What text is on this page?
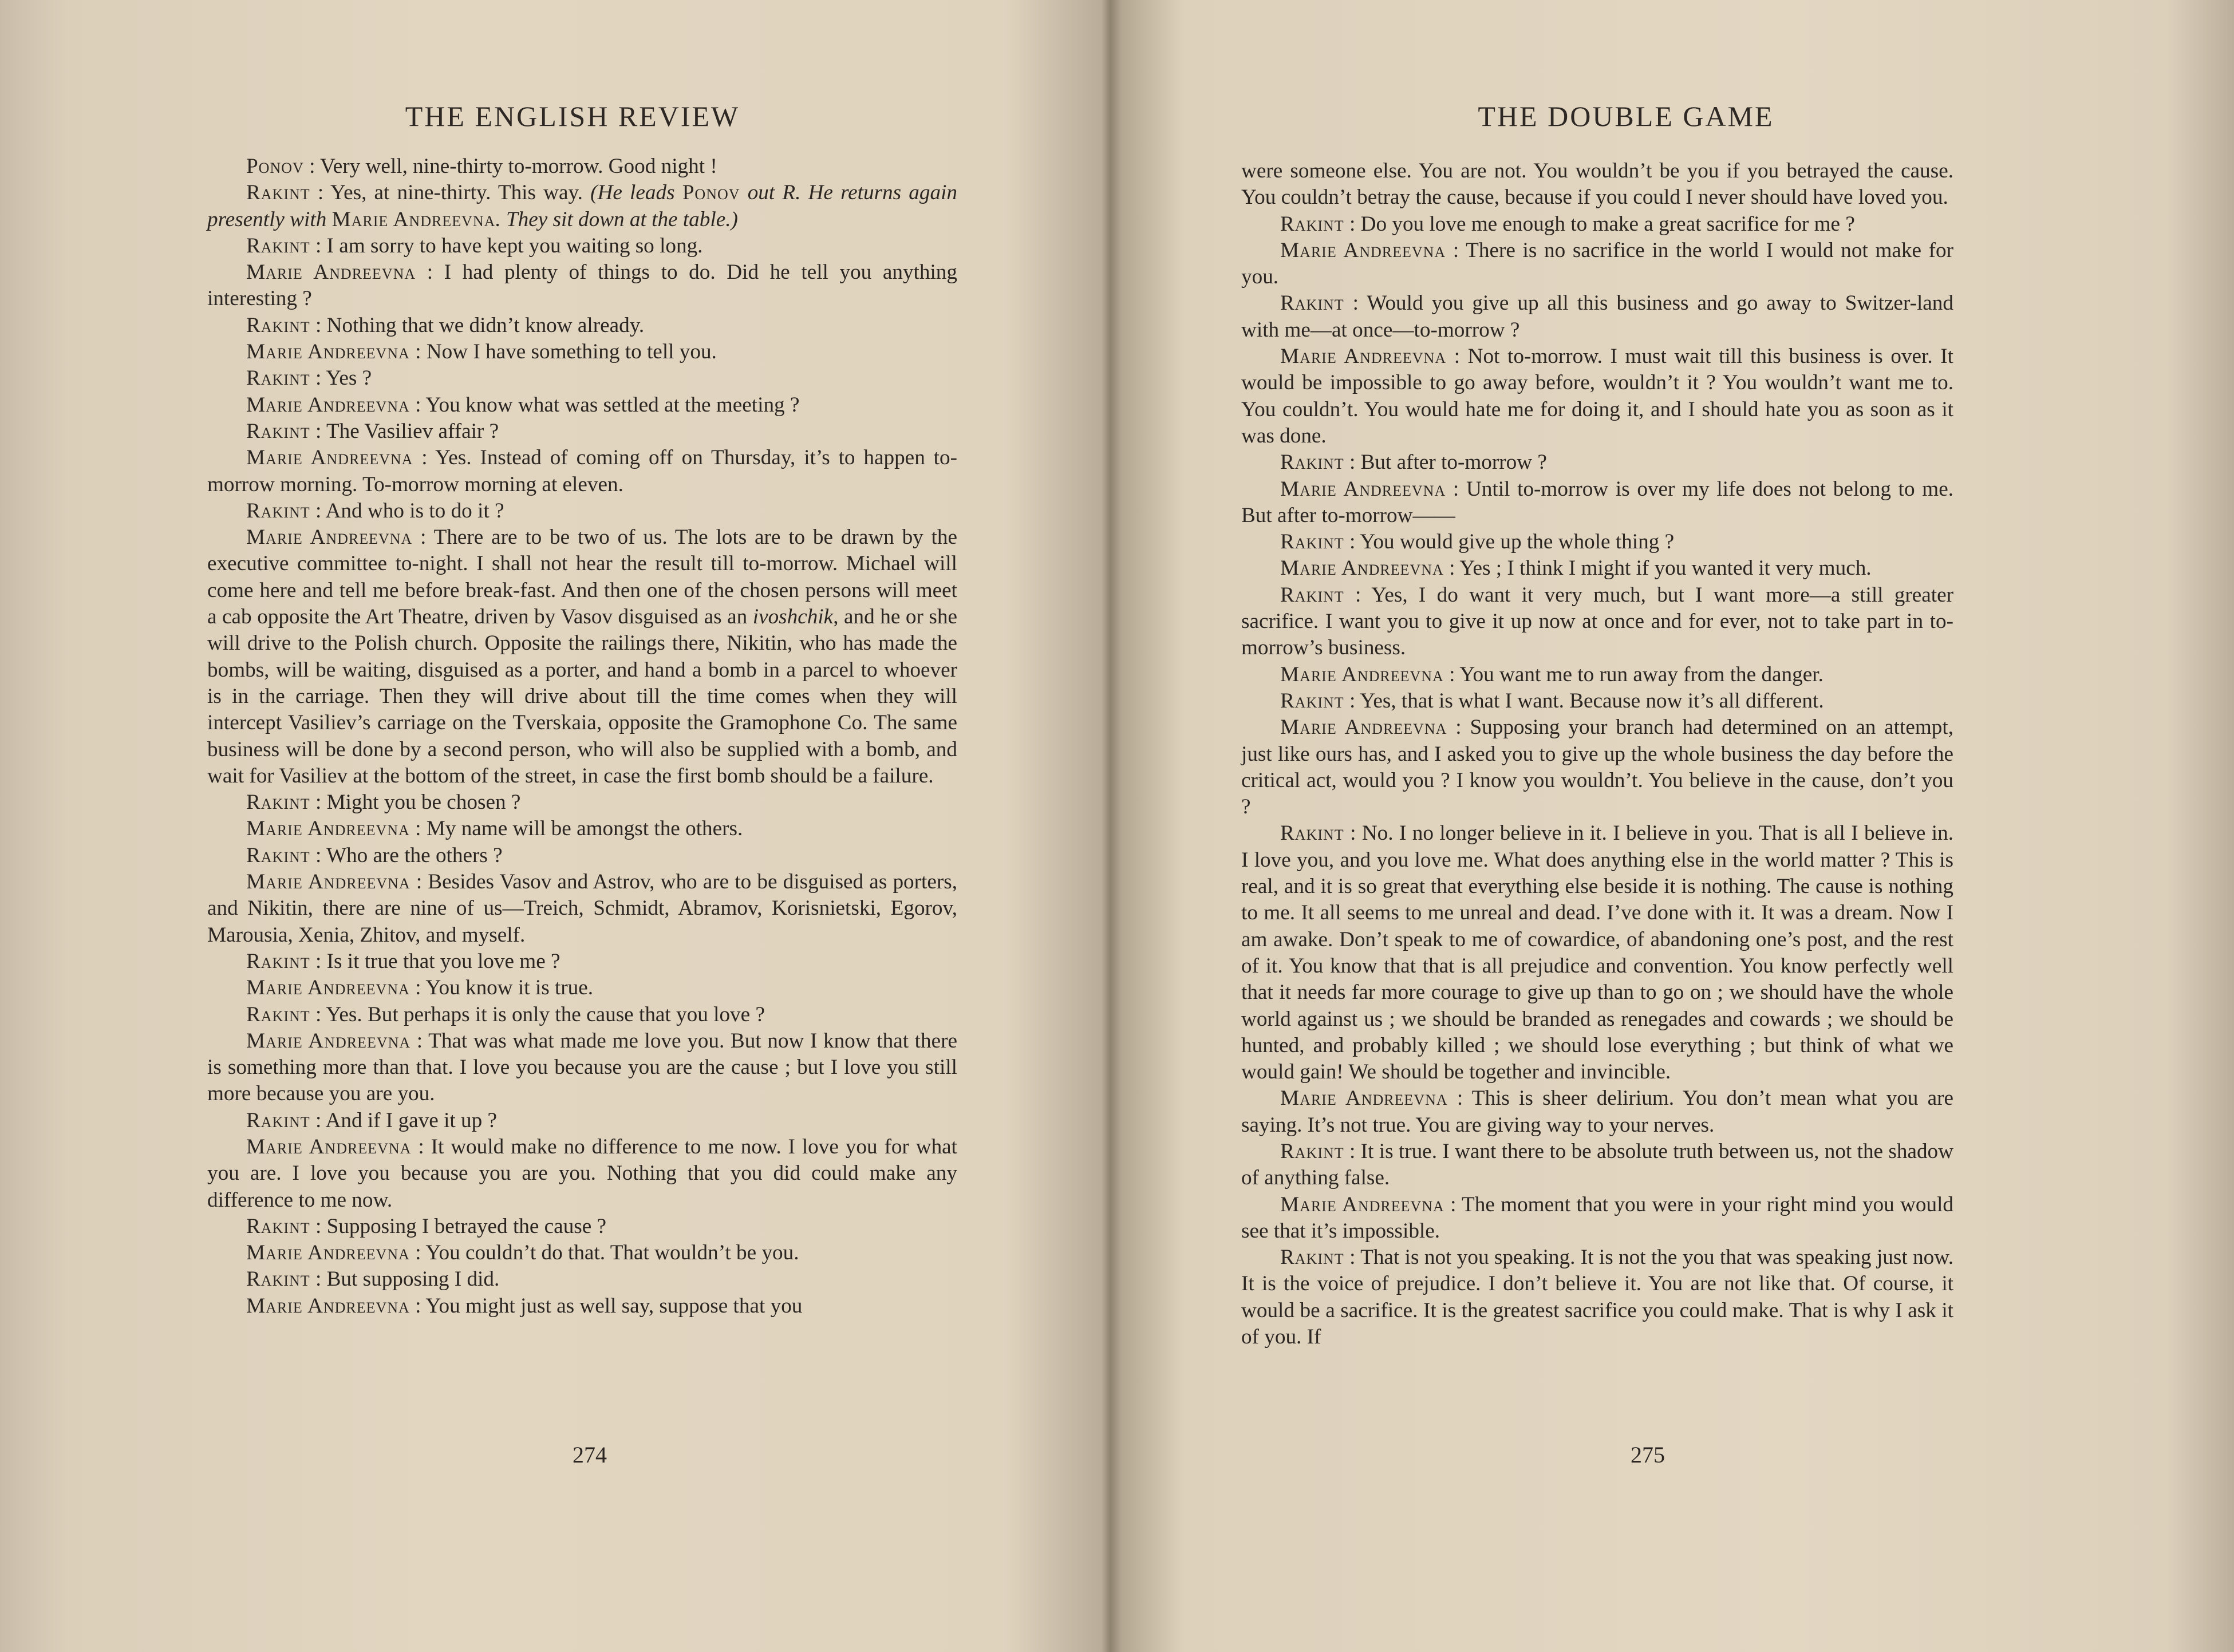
THE ENGLISH REVIEW

Ponov : Very well, nine-thirty to-morrow. Good night !

Rakint : Yes, at nine-thirty. This way. (He leads Ponov out R. He returns again presently with Marie Andreevna. They sit down at the table.)

Rakint : I am sorry to have kept you waiting so long.

Marie Andreevna : I had plenty of things to do. Did he tell you anything interesting ?

Rakint : Nothing that we didn’t know already.

Marie Andreevna : Now I have something to tell you.

Rakint : Yes ?

Marie Andreevna : You know what was settled at the meeting ?

Rakint : The Vasiliev affair ?

Marie Andreevna : Yes. Instead of coming off on Thursday, it’s to happen to-morrow morning. To-morrow morning at eleven.

Rakint : And who is to do it ?

Marie Andreevna : There are to be two of us. The lots are to be drawn by the executive committee to-night. I shall not hear the result till to-morrow. Michael will come here and tell me before break-fast. And then one of the chosen persons will meet a cab opposite the Art Theatre, driven by Vasov disguised as an ivoshchik, and he or she will drive to the Polish church. Opposite the railings there, Nikitin, who has made the bombs, will be waiting, disguised as a porter, and hand a bomb in a parcel to whoever is in the carriage. Then they will drive about till the time comes when they will intercept Vasiliev’s carriage on the Tverskaia, opposite the Gramophone Co. The same business will be done by a second person, who will also be supplied with a bomb, and wait for Vasiliev at the bottom of the street, in case the first bomb should be a failure.

Rakint : Might you be chosen ?

Marie Andreevna : My name will be amongst the others.

Rakint : Who are the others ?

Marie Andreevna : Besides Vasov and Astrov, who are to be disguised as porters, and Nikitin, there are nine of us—Treich, Schmidt, Abramov, Korisnietski, Egorov, Marousia, Xenia, Zhitov, and myself.

Rakint : Is it true that you love me ?

Marie Andreevna : You know it is true.

Rakint : Yes. But perhaps it is only the cause that you love ?

Marie Andreevna : That was what made me love you. But now I know that there is something more than that. I love you because you are the cause ; but I love you still more because you are you.

Rakint : And if I gave it up ?

Marie Andreevna : It would make no difference to me now. I love you for what you are. I love you because you are you. Nothing that you did could make any difference to me now.

Rakint : Supposing I betrayed the cause ?

Marie Andreevna : You couldn’t do that. That wouldn’t be you.

Rakint : But supposing I did.

Marie Andreevna : You might just as well say, suppose that you

274
THE DOUBLE GAME

were someone else. You are not. You wouldn’t be you if you betrayed the cause. You couldn’t betray the cause, because if you could I never should have loved you.

Rakint : Do you love me enough to make a great sacrifice for me ?

Marie Andreevna : There is no sacrifice in the world I would not make for you.

Rakint : Would you give up all this business and go away to Switzer-land with me—at once—to-morrow ?

Marie Andreevna : Not to-morrow. I must wait till this business is over. It would be impossible to go away before, wouldn’t it ? You wouldn’t want me to. You couldn’t. You would hate me for doing it, and I should hate you as soon as it was done.

Rakint : But after to-morrow ?

Marie Andreevna : Until to-morrow is over my life does not belong to me. But after to-morrow——

Rakint : You would give up the whole thing ?

Marie Andreevna : Yes ; I think I might if you wanted it very much.

Rakint : Yes, I do want it very much, but I want more—a still greater sacrifice. I want you to give it up now at once and for ever, not to take part in to-morrow’s business.

Marie Andreevna : You want me to run away from the danger.

Rakint : Yes, that is what I want. Because now it’s all different.

Marie Andreevna : Supposing your branch had determined on an attempt, just like ours has, and I asked you to give up the whole business the day before the critical act, would you ? I know you wouldn’t. You believe in the cause, don’t you ?

Rakint : No. I no longer believe in it. I believe in you. That is all I believe in. I love you, and you love me. What does anything else in the world matter ? This is real, and it is so great that everything else beside it is nothing. The cause is nothing to me. It all seems to me unreal and dead. I’ve done with it. It was a dream. Now I am awake. Don’t speak to me of cowardice, of abandoning one’s post, and the rest of it. You know that that is all prejudice and convention. You know perfectly well that it needs far more courage to give up than to go on ; we should have the whole world against us ; we should be branded as renegades and cowards ; we should be hunted, and probably killed ; we should lose everything ; but think of what we would gain! We should be together and invincible.

Marie Andreevna : This is sheer delirium. You don’t mean what you are saying. It’s not true. You are giving way to your nerves.

Rakint : It is true. I want there to be absolute truth between us, not the shadow of anything false.

Marie Andreevna : The moment that you were in your right mind you would see that it’s impossible.

Rakint : That is not you speaking. It is not the you that was speaking just now. It is the voice of prejudice. I don’t believe it. You are not like that. Of course, it would be a sacrifice. It is the greatest sacrifice you could make. That is why I ask it of you. If

275
